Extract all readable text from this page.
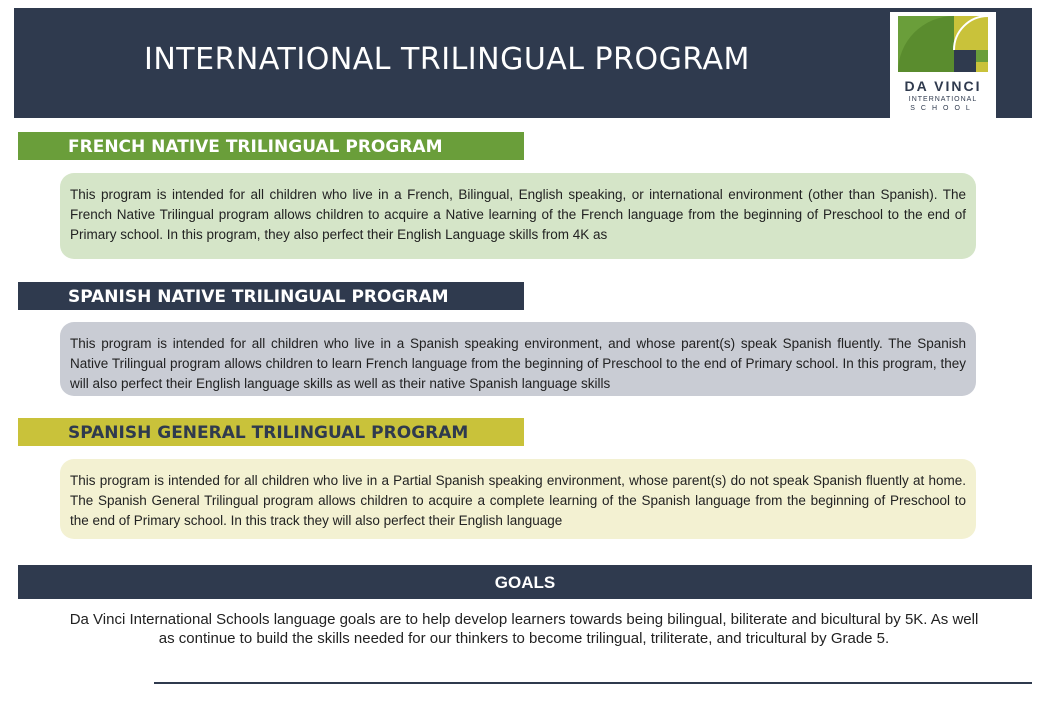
INTERNATIONAL TRILINGUAL PROGRAM
DA VINCI
INTERNATIONAL
SCHOOL
FRENCH NATIVE TRILINGUAL PROGRAM
This program is intended for all children who live in a French, Bilingual, English speaking, or international environment (other than Spanish). The French Native Trilingual program allows children to acquire a Native learning of the French language from the beginning of Preschool to the end of Primary school. In this program, they also perfect their English Language skills from 4K as
SPANISH NATIVE TRILINGUAL PROGRAM
This program is intended for all children who live in a Spanish speaking environment, and whose parent(s) speak Spanish fluently. The Spanish Native Trilingual program allows children to learn French language from the beginning of Preschool to the end of Primary school. In this program, they will also perfect their English language skills as well as their native Spanish language skills
SPANISH GENERAL TRILINGUAL PROGRAM
This program is intended for all children who live in a Partial Spanish speaking environment, whose parent(s) do not speak Spanish fluently at home. The Spanish General Trilingual program allows children to acquire a complete learning of the Spanish language from the beginning of Preschool to the end of Primary school. In this track they will also perfect their English language
GOALS
Da Vinci International Schools language goals are to help develop learners towards being bilingual, biliterate and bicultural by 5K. As well as continue to build the skills needed for our thinkers to become trilingual, triliterate, and tricultural by Grade 5.
